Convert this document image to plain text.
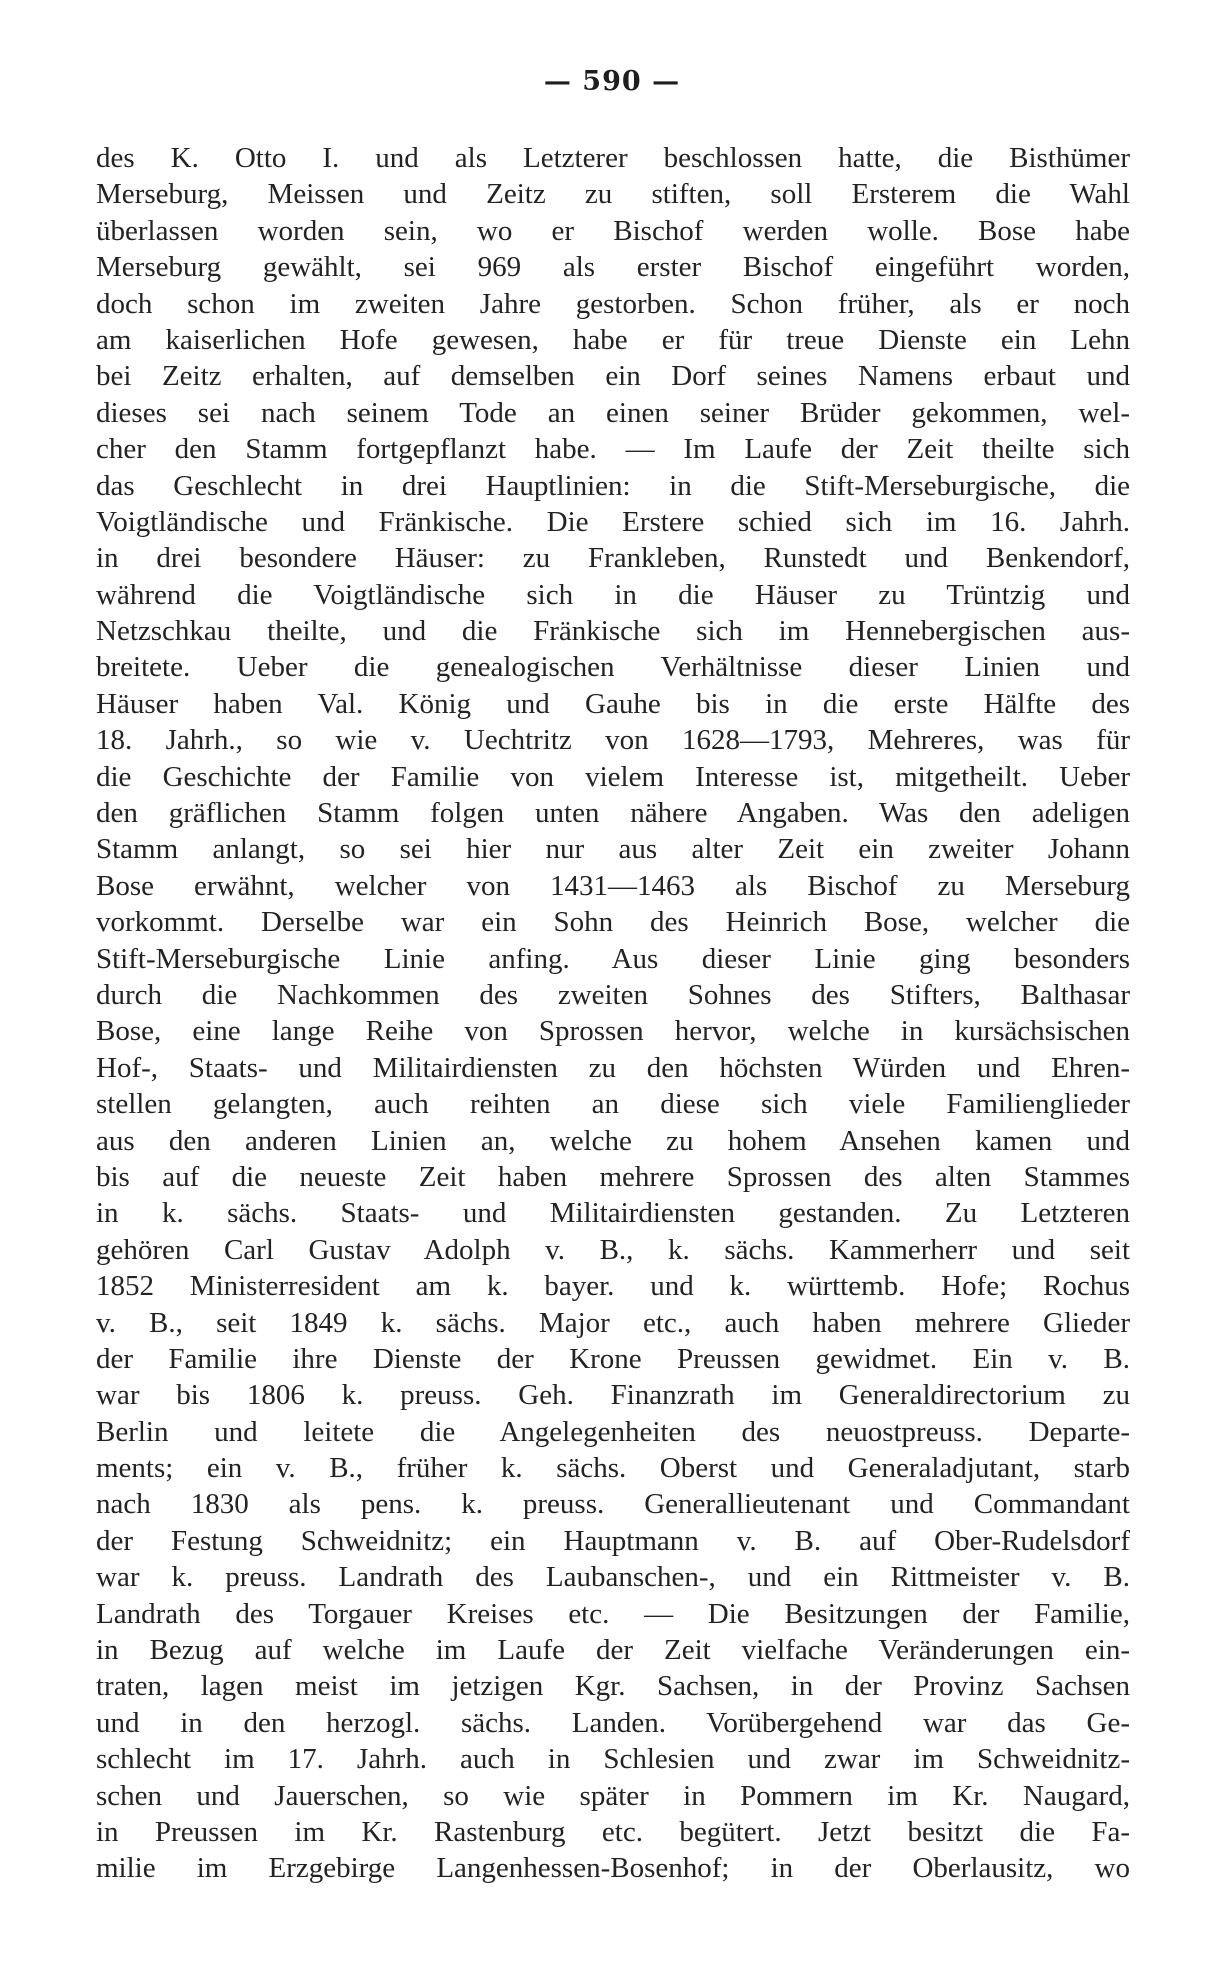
— 590 —
des K. Otto I. und als Letzterer beschlossen hatte, die Bisthümer
Merseburg, Meissen und Zeitz zu stiften, soll Ersterem die Wahl
überlassen worden sein, wo er Bischof werden wolle. Bose habe
Merseburg gewählt, sei 969 als erster Bischof eingeführt worden,
doch schon im zweiten Jahre gestorben. Schon früher, als er noch
am kaiserlichen Hofe gewesen, habe er für treue Dienste ein Lehn
bei Zeitz erhalten, auf demselben ein Dorf seines Namens erbaut und
dieses sei nach seinem Tode an einen seiner Brüder gekommen, wel-
cher den Stamm fortgepflanzt habe. — Im Laufe der Zeit theilte sich
das Geschlecht in drei Hauptlinien: in die Stift-Merseburgische, die
Voigtländische und Fränkische. Die Erstere schied sich im 16. Jahrh.
in drei besondere Häuser: zu Frankleben, Runstedt und Benkendorf,
während die Voigtländische sich in die Häuser zu Trüntzig und
Netzschkau theilte, und die Fränkische sich im Hennebergischen aus-
breitete. Ueber die genealogischen Verhältnisse dieser Linien und
Häuser haben Val. König und Gauhe bis in die erste Hälfte des
18. Jahrh., so wie v. Uechtritz von 1628—1793, Mehreres, was für
die Geschichte der Familie von vielem Interesse ist, mitgetheilt. Ueber
den gräflichen Stamm folgen unten nähere Angaben. Was den adeligen
Stamm anlangt, so sei hier nur aus alter Zeit ein zweiter Johann
Bose erwähnt, welcher von 1431—1463 als Bischof zu Merseburg
vorkommt. Derselbe war ein Sohn des Heinrich Bose, welcher die
Stift-Merseburgische Linie anfing. Aus dieser Linie ging besonders
durch die Nachkommen des zweiten Sohnes des Stifters, Balthasar
Bose, eine lange Reihe von Sprossen hervor, welche in kursächsischen
Hof-, Staats- und Militairdiensten zu den höchsten Würden und Ehren-
stellen gelangten, auch reihten an diese sich viele Familienglieder
aus den anderen Linien an, welche zu hohem Ansehen kamen und
bis auf die neueste Zeit haben mehrere Sprossen des alten Stammes
in k. sächs. Staats- und Militairdiensten gestanden. Zu Letzteren
gehören Carl Gustav Adolph v. B., k. sächs. Kammerherr und seit
1852 Ministerresident am k. bayer. und k. württemb. Hofe; Rochus
v. B., seit 1849 k. sächs. Major etc., auch haben mehrere Glieder
der Familie ihre Dienste der Krone Preussen gewidmet. Ein v. B.
war bis 1806 k. preuss. Geh. Finanzrath im Generaldirectorium zu
Berlin und leitete die Angelegenheiten des neuostpreuss. Departe-
ments; ein v. B., früher k. sächs. Oberst und Generaladjutant, starb
nach 1830 als pens. k. preuss. Generallieutenant und Commandant
der Festung Schweidnitz; ein Hauptmann v. B. auf Ober-Rudelsdorf
war k. preuss. Landrath des Laubanschen-, und ein Rittmeister v. B.
Landrath des Torgauer Kreises etc. — Die Besitzungen der Familie,
in Bezug auf welche im Laufe der Zeit vielfache Veränderungen ein-
traten, lagen meist im jetzigen Kgr. Sachsen, in der Provinz Sachsen
und in den herzogl. sächs. Landen. Vorübergehend war das Ge-
schlecht im 17. Jahrh. auch in Schlesien und zwar im Schweidnitz-
schen und Jauerschen, so wie später in Pommern im Kr. Naugard,
in Preussen im Kr. Rastenburg etc. begütert. Jetzt besitzt die Fa-
milie im Erzgebirge Langenhessen-Bosenhof; in der Oberlausitz, wo
